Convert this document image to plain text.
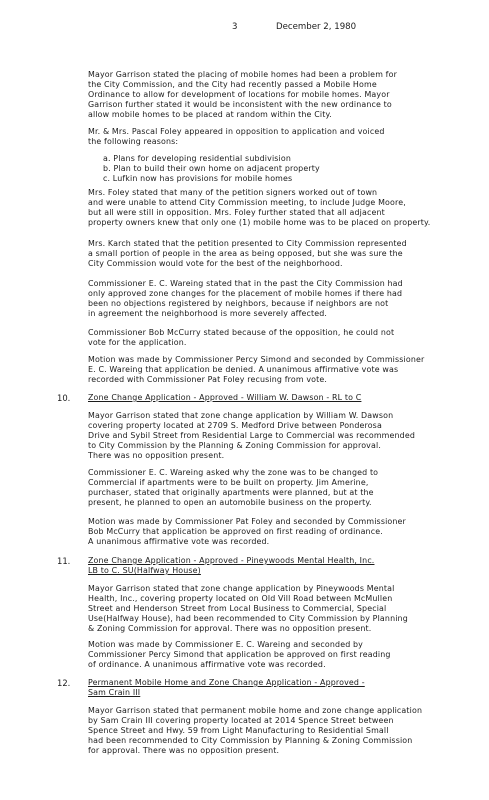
3	December 2, 1980
Mayor Garrison stated the placing of mobile homes had been a problem for
the City Commission, and the City had recently passed a Mobile Home
Ordinance to allow for development of locations for mobile homes. Mayor
Garrison further stated it would be inconsistent with the new ordinance to
allow mobile homes to be placed at random within the City.
Mr. & Mrs. Pascal Foley appeared in opposition to application and voiced
the following reasons:
a. Plans for developing residential subdivision
b. Plan to build their own home on adjacent property
c. Lufkin now has provisions for mobile homes
Mrs. Foley stated that many of the petition signers worked out of town
and were unable to attend City Commission meeting, to include Judge Moore,
but all were still in opposition. Mrs. Foley further stated that all adjacent
property owners knew that only one (1) mobile home was to be placed on property.
Mrs. Karch stated that the petition presented to City Commission represented
a small portion of people in the area as being opposed, but she was sure the
City Commission would vote for the best of the neighborhood.
Commissioner E. C. Wareing stated that in the past the City Commission had
only approved zone changes for the placement of mobile homes if there had
been no objections registered by neighbors, because if neighbors are not
in agreement the neighborhood is more severely affected.
Commissioner Bob McCurry stated because of the opposition, he could not
vote for the application.
Motion was made by Commissioner Percy Simond and seconded by Commissioner
E. C. Wareing that application be denied. A unanimous affirmative vote was
recorded with Commissioner Pat Foley recusing from vote.
10. Zone Change Application - Approved - William W. Dawson - RL to C
Mayor Garrison stated that zone change application by William W. Dawson
covering property located at 2709 S. Medford Drive between Ponderosa
Drive and Sybil Street from Residential Large to Commercial was recommended
to City Commission by the Planning & Zoning Commission for approval.
There was no opposition present.
Commissioner E. C. Wareing asked why the zone was to be changed to
Commercial if apartments were to be built on property. Jim Amerine,
purchaser, stated that originally apartments were planned, but at the
present, he planned to open an automobile business on the property.
Motion was made by Commissioner Pat Foley and seconded by Commissioner
Bob McCurry that application be approved on first reading of ordinance.
A unanimous affirmative vote was recorded.
11. Zone Change Application - Approved - Pineywoods Mental Health, Inc.
LB to C. SU(Halfway House)
Mayor Garrison stated that zone change application by Pineywoods Mental
Health, Inc., covering property located on Old Vill Road between McMullen
Street and Henderson Street from Local Business to Commercial, Special
Use(Halfway House), had been recommended to City Commission by Planning
& Zoning Commission for approval. There was no opposition present.
Motion was made by Commissioner E. C. Wareing and seconded by
Commissioner Percy Simond that application be approved on first reading
of ordinance. A unanimous affirmative vote was recorded.
12. Permanent Mobile Home and Zone Change Application - Approved -
Sam Crain III
Mayor Garrison stated that permanent mobile home and zone change application
by Sam Crain III covering property located at 2014 Spence Street between
Spence Street and Hwy. 59 from Light Manufacturing to Residential Small
had been recommended to City Commission by Planning & Zoning Commission
for approval. There was no opposition present.
